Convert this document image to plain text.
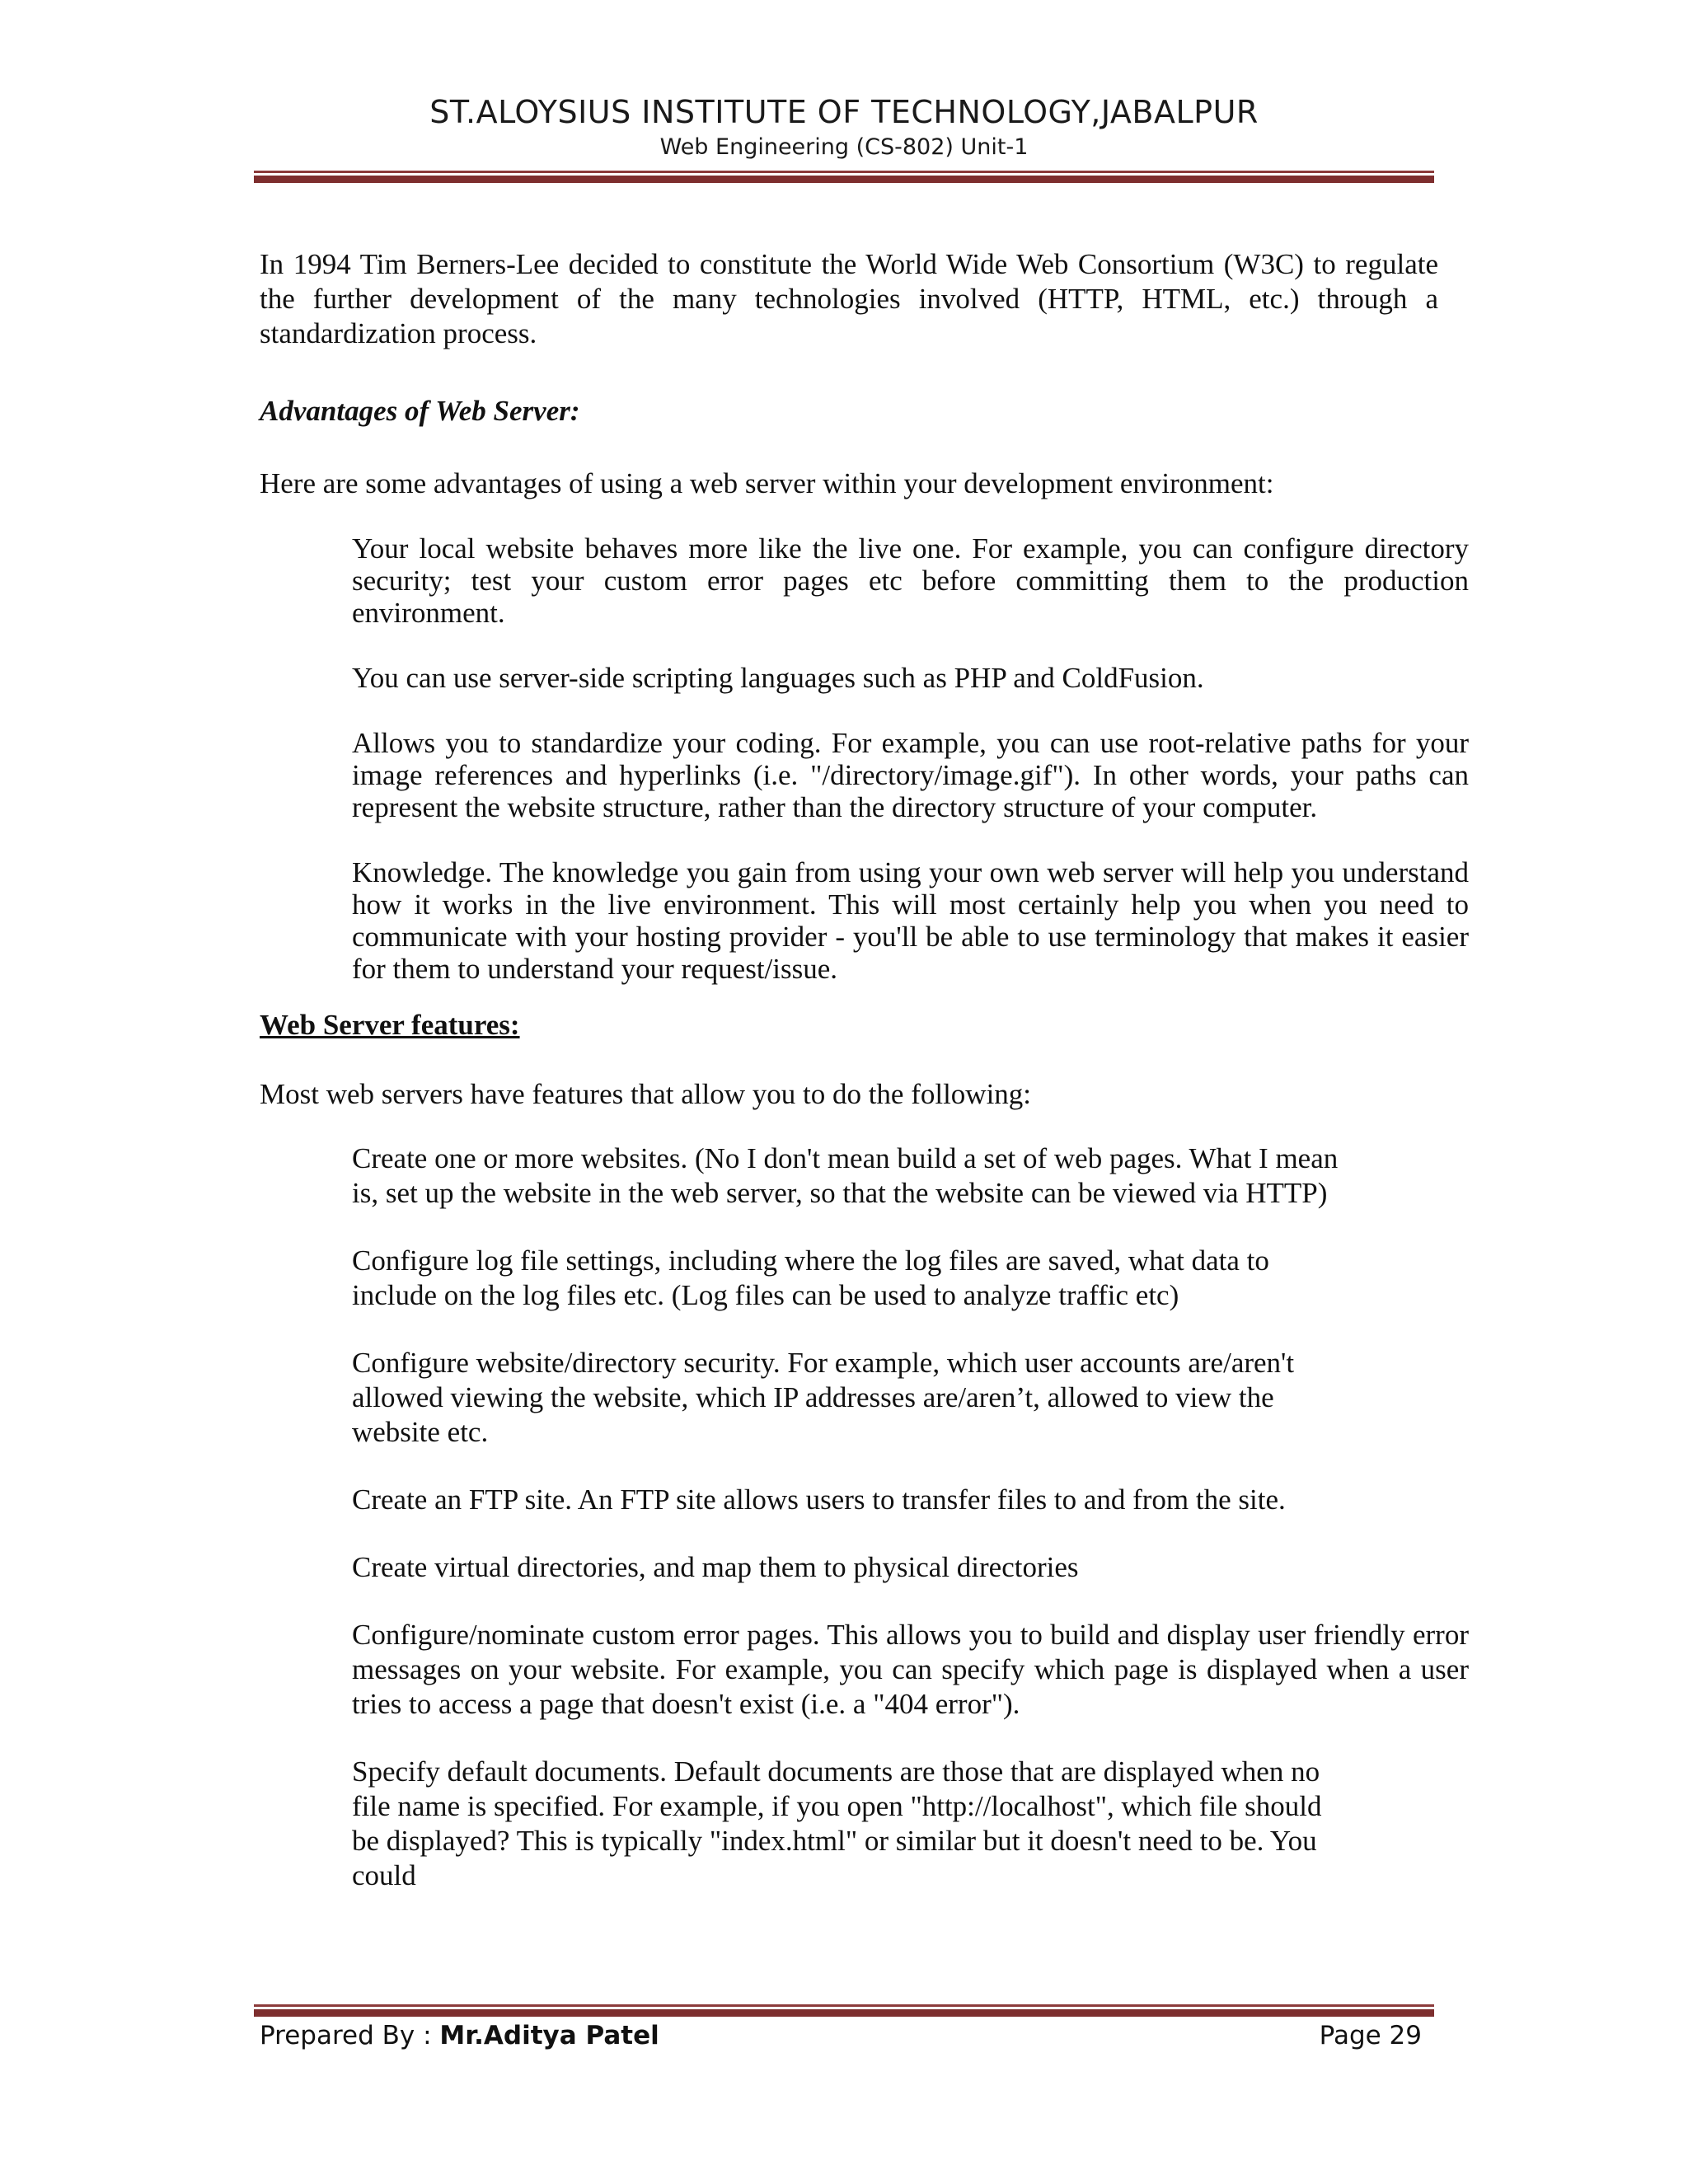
ST.ALOYSIUS INSTITUTE OF TECHNOLOGY,JABALPUR
Web Engineering (CS-802) Unit-1

In 1994 Tim Berners-Lee decided to constitute the World Wide Web Consortium (W3C) to regulate the further development of the many technologies involved (HTTP, HTML, etc.) through a standardization process.

Advantages of Web Server:

Here are some advantages of using a web server within your development environment:

Your local website behaves more like the live one. For example, you can configure directory security; test your custom error pages etc before committing them to the production environment.
You can use server-side scripting languages such as PHP and ColdFusion.
Allows you to standardize your coding. For example, you can use root-relative paths for your image references and hyperlinks (i.e. "/directory/image.gif"). In other words, your paths can represent the website structure, rather than the directory structure of your computer.
Knowledge. The knowledge you gain from using your own web server will help you understand how it works in the live environment. This will most certainly help you when you need to communicate with your hosting provider - you'll be able to use terminology that makes it easier for them to understand your request/issue.
Web Server features:

Most web servers have features that allow you to do the following:

Create one or more websites. (No I don't mean build a set of web pages. What I mean is, set up the website in the web server, so that the website can be viewed via HTTP)
Configure log file settings, including where the log files are saved, what data to include on the log files etc. (Log files can be used to analyze traffic etc)
Configure website/directory security. For example, which user accounts are/aren't allowed viewing the website, which IP addresses are/aren’t, allowed to view the website etc.
Create an FTP site. An FTP site allows users to transfer files to and from the site.
Create virtual directories, and map them to physical directories
Configure/nominate custom error pages. This allows you to build and display user friendly error messages on your website. For example, you can specify which page is displayed when a user tries to access a page that doesn't exist (i.e. a "404 error").
Specify default documents. Default documents are those that are displayed when no file name is specified. For example, if you open "http://localhost", which file should be displayed? This is typically "index.html" or similar but it doesn't need to be. You could
Prepared By : Mr.Aditya Patel	Page 29
